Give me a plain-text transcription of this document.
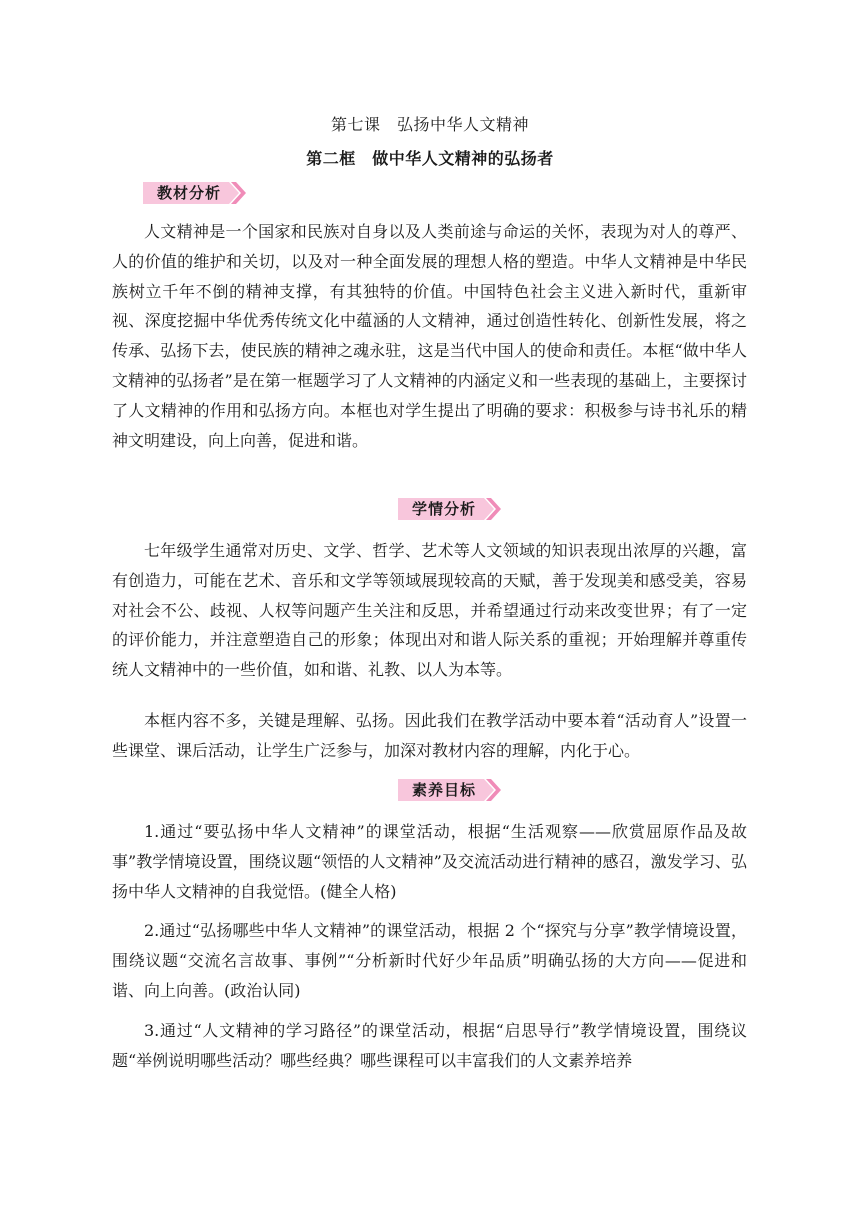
第七课　弘扬中华人文精神
第二框　做中华人文精神的弘扬者
教材分析

人文精神是一个国家和民族对自身以及人类前途与命运的关怀，表现为对人的尊严、人的价值的维护和关切，以及对一种全面发展的理想人格的塑造。中华人文精神是中华民族树立千年不倒的精神支撑，有其独特的价值。中国特色社会主义进入新时代，重新审视、深度挖掘中华优秀传统文化中蕴涵的人文精神，通过创造性转化、创新性发展，将之传承、弘扬下去，使民族的精神之魂永驻，这是当代中国人的使命和责任。本框“做中华人文精神的弘扬者”是在第一框题学习了人文精神的内涵定义和一些表现的基础上，主要探讨了人文精神的作用和弘扬方向。本框也对学生提出了明确的要求：积极参与诗书礼乐的精神文明建设，向上向善，促进和谐。

学情分析

七年级学生通常对历史、文学、哲学、艺术等人文领域的知识表现出浓厚的兴趣，富有创造力，可能在艺术、音乐和文学等领域展现较高的天赋，善于发现美和感受美，容易对社会不公、歧视、人权等问题产生关注和反思，并希望通过行动来改变世界；有了一定的评价能力，并注意塑造自己的形象；体现出对和谐人际关系的重视；开始理解并尊重传统人文精神中的一些价值，如和谐、礼教、以人为本等。

本框内容不多，关键是理解、弘扬。因此我们在教学活动中要本着“活动育人”设置一些课堂、课后活动，让学生广泛参与，加深对教材内容的理解，内化于心。

素养目标

1.通过“要弘扬中华人文精神”的课堂活动，根据“生活观察——欣赏屈原作品及故事”教学情境设置，围绕议题“领悟的人文精神”及交流活动进行精神的感召，激发学习、弘扬中华人文精神的自我觉悟。(健全人格)

2.通过“弘扬哪些中华人文精神”的课堂活动，根据 2 个“探究与分享”教学情境设置，围绕议题“交流名言故事、事例”“分析新时代好少年品质”明确弘扬的大方向——促进和谐、向上向善。(政治认同)

3.通过“人文精神的学习路径”的课堂活动，根据“启思导行”教学情境设置，围绕议题“举例说明哪些活动？哪些经典？哪些课程可以丰富我们的人文素养培养
